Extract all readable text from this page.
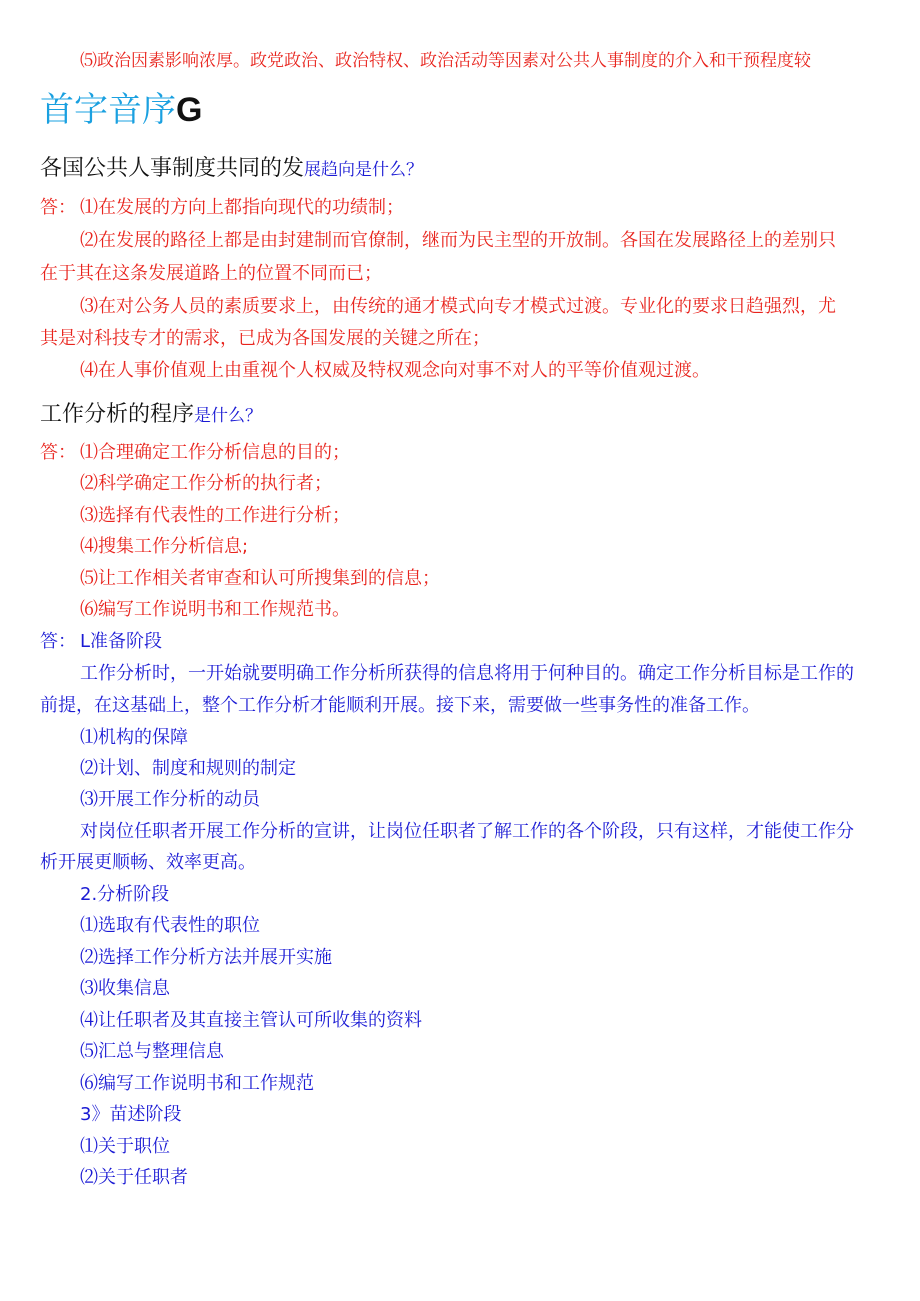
⑸政治因素影响浓厚。政党政治、政治特权、政治活动等因素对公共人事制度的介入和干预程度较
首字音序G
各国公共人事制度共同的发展趋向是什么？
答： ⑴在发展的方向上都指向现代的功绩制；
⑵在发展的路径上都是由封建制而官僚制，继而为民主型的开放制。各国在发展路径上的差别只
在于其在这条发展道路上的位置不同而已；
⑶在对公务人员的素质要求上，由传统的通才模式向专才模式过渡。专业化的要求日趋强烈，尤
其是对科技专才的需求，已成为各国发展的关键之所在；
⑷在人事价值观上由重视个人权威及特权观念向对事不对人的平等价值观过渡。
工作分析的程序是什么？
答： ⑴合理确定工作分析信息的目的；
⑵科学确定工作分析的执行者；
⑶选择有代表性的工作进行分析；
⑷搜集工作分析信息;
⑸让工作相关者审查和认可所搜集到的信息；
⑹编写工作说明书和工作规范书。
答： L准备阶段
工作分析时，一开始就要明确工作分析所获得的信息将用于何种目的。确定工作分析目标是工作的
前提，在这基础上，整个工作分析才能顺利开展。接下来，需要做一些事务性的准备工作。
⑴机构的保障
⑵计划、制度和规则的制定
⑶开展工作分析的动员
对岗位任职者开展工作分析的宣讲，让岗位任职者了解工作的各个阶段，只有这样，才能使工作分
析开展更顺畅、效率更高。
2.分析阶段
⑴选取有代表性的职位
⑵选择工作分析方法并展开实施
⑶收集信息
⑷让任职者及其直接主管认可所收集的资料
⑸汇总与整理信息
⑹编写工作说明书和工作规范
3》苗述阶段
⑴关于职位
⑵关于任职者
